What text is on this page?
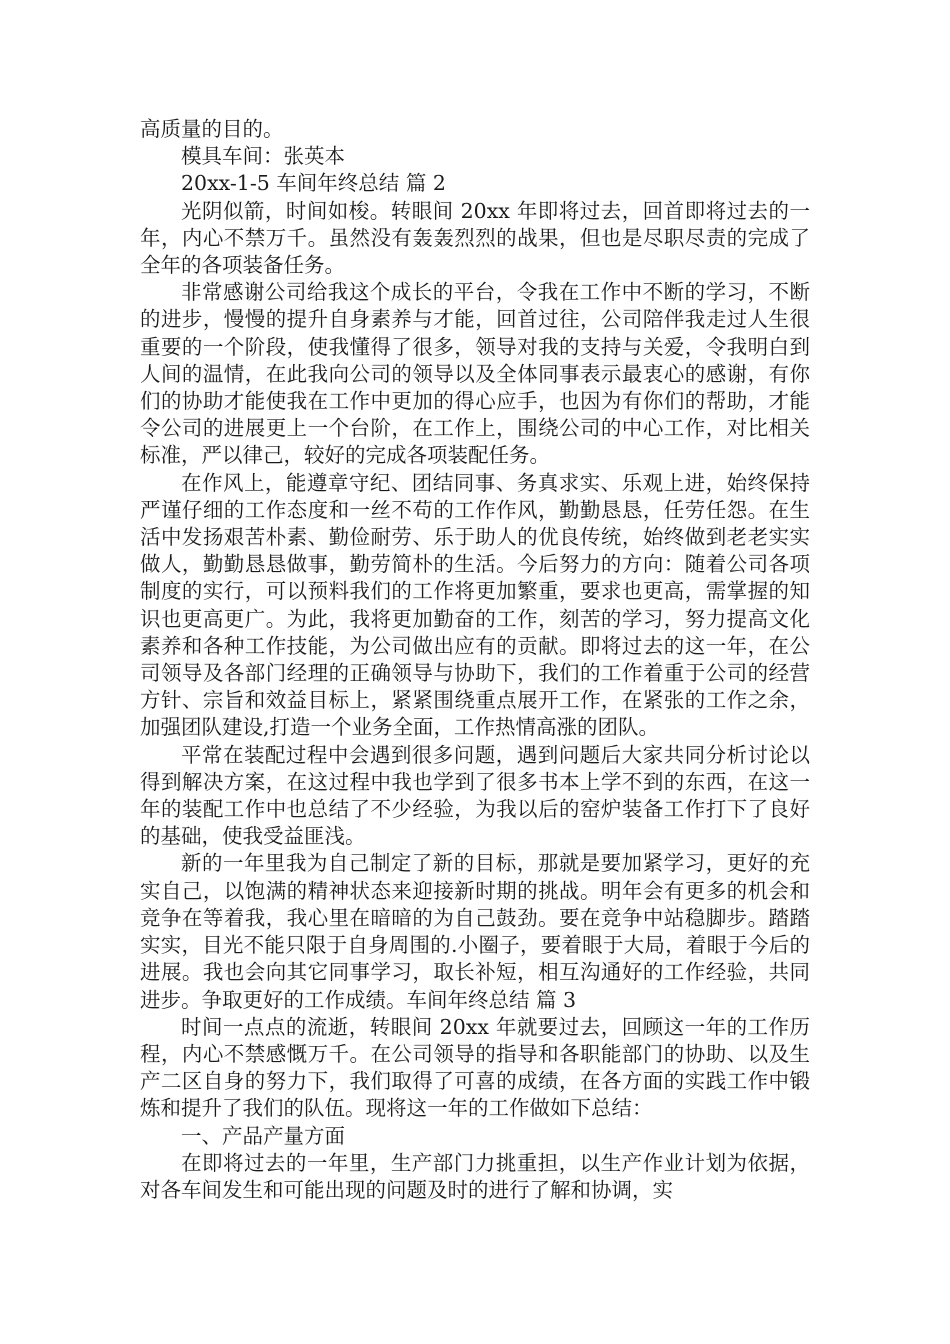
高质量的目的。

模具车间：张英本

20xx-1-5 车间年终总结 篇 2

光阴似箭，时间如梭。转眼间 20xx 年即将过去，回首即将过去的一年，内心不禁万千。虽然没有轰轰烈烈的战果，但也是尽职尽责的完成了全年的各项装备任务。

非常感谢公司给我这个成长的平台，令我在工作中不断的学习，不断的进步，慢慢的提升自身素养与才能，回首过往，公司陪伴我走过人生很重要的一个阶段，使我懂得了很多，领导对我的支持与关爱，令我明白到人间的温情，在此我向公司的领导以及全体同事表示最衷心的感谢，有你们的协助才能使我在工作中更加的得心应手，也因为有你们的帮助，才能令公司的进展更上一个台阶，在工作上，围绕公司的中心工作，对比相关标准，严以律己，较好的完成各项装配任务。

在作风上，能遵章守纪、团结同事、务真求实、乐观上进，始终保持严谨仔细的工作态度和一丝不苟的工作作风，勤勤恳恳，任劳任怨。在生活中发扬艰苦朴素、勤俭耐劳、乐于助人的优良传统，始终做到老老实实做人，勤勤恳恳做事，勤劳简朴的生活。今后努力的方向：随着公司各项制度的实行，可以预料我们的工作将更加繁重，要求也更高，需掌握的知识也更高更广。为此，我将更加勤奋的工作，刻苦的学习，努力提高文化素养和各种工作技能，为公司做出应有的贡献。即将过去的这一年，在公司领导及各部门经理的正确领导与协助下，我们的工作着重于公司的经营方针、宗旨和效益目标上，紧紧围绕重点展开工作，在紧张的工作之余，加强团队建设,打造一个业务全面，工作热情高涨的团队。

平常在装配过程中会遇到很多问题，遇到问题后大家共同分析讨论以得到解决方案，在这过程中我也学到了很多书本上学不到的东西，在这一年的装配工作中也总结了不少经验，为我以后的窑炉装备工作打下了良好的基础，使我受益匪浅。

新的一年里我为自己制定了新的目标，那就是要加紧学习，更好的充实自己，以饱满的精神状态来迎接新时期的挑战。明年会有更多的机会和竞争在等着我，我心里在暗暗的为自己鼓劲。要在竞争中站稳脚步。踏踏实实，目光不能只限于自身周围的.小圈子，要着眼于大局，着眼于今后的进展。我也会向其它同事学习，取长补短，相互沟通好的工作经验，共同进步。争取更好的工作成绩。车间年终总结 篇 3

时间一点点的流逝，转眼间 20xx 年就要过去，回顾这一年的工作历程，内心不禁感慨万千。在公司领导的指导和各职能部门的协助、以及生产二区自身的努力下，我们取得了可喜的成绩，在各方面的实践工作中锻炼和提升了我们的队伍。现将这一年的工作做如下总结：

一、产品产量方面

在即将过去的一年里，生产部门力挑重担，以生产作业计划为依据，对各车间发生和可能出现的问题及时的进行了解和协调，实
